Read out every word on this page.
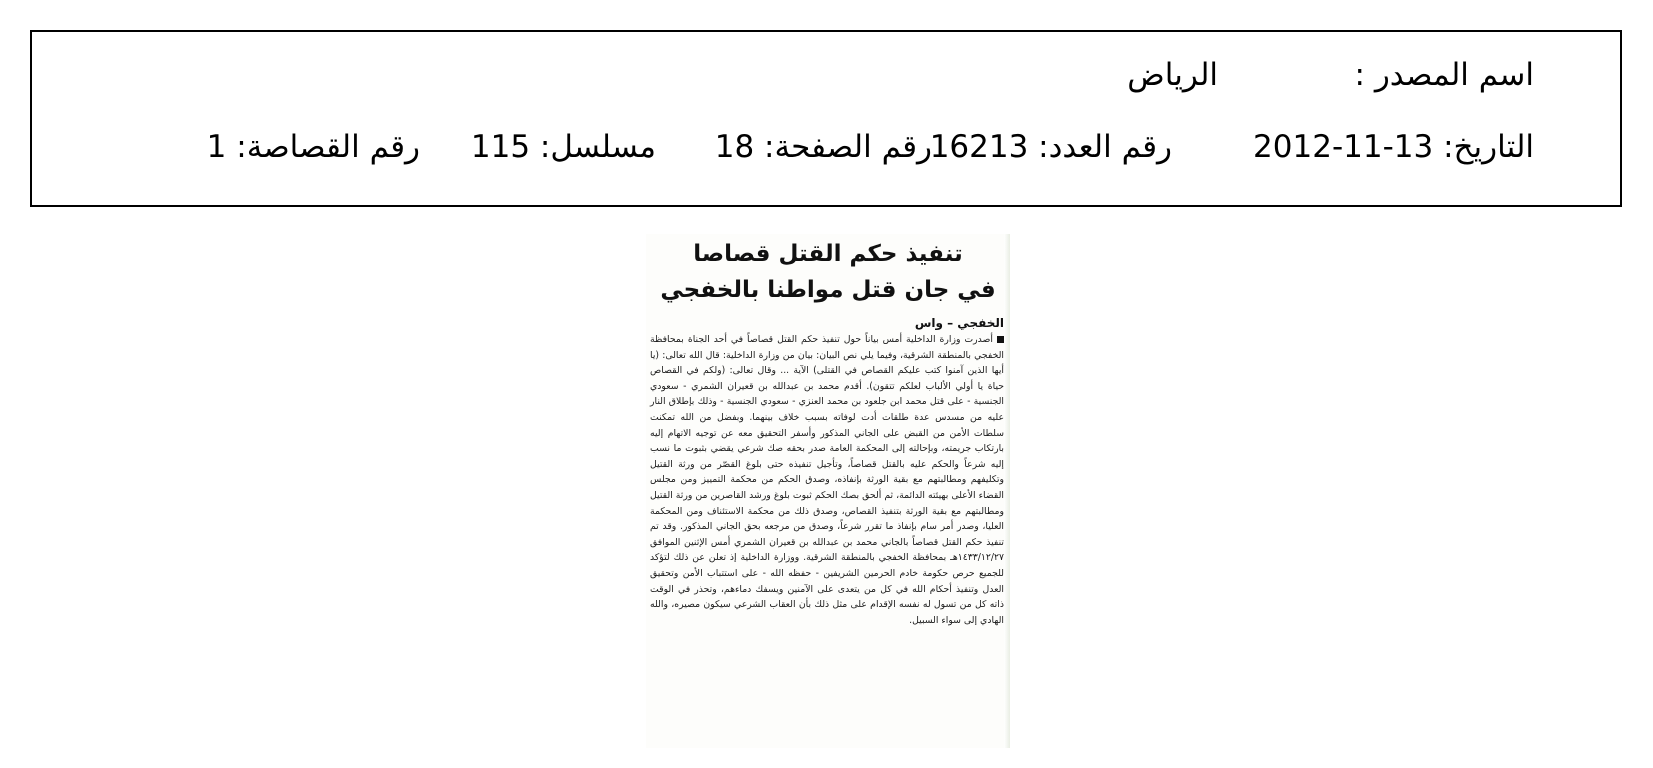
اسم المصدر :
الرياض
التاريخ: 13-11-2012
رقم العدد: 16213
رقم الصفحة: 18
مسلسل: 115
رقم القصاصة: 1
تنفيذ حكم القتل قصاصا
في جان قتل مواطنا بالخفجي
الخفجي – واس
أصدرت وزارة الداخلية أمس بياناً حول تنفيذ حكم القتل قصاصاً في أحد الجناة بمحافظة الخفجي بالمنطقة الشرقية، وفيما يلي نص البيان: بيان من وزارة الداخلية: قال الله تعالى: (يا أيها الذين آمنوا كتب عليكم القصاص في القتلى) الآية ... وقال تعالى: (ولكم في القصاص حياة يا أولي الألباب لعلكم تتقون). أقدم محمد بن عبدالله بن قعيران الشمري - سعودي الجنسية - على قتل محمد ابن جلعود بن محمد العنزي - سعودي الجنسية - وذلك بإطلاق النار عليه من مسدس عدة طلقات أدت لوفاته بسبب خلاف بينهما. وبفضل من الله تمكنت سلطات الأمن من القبض على الجاني المذكور وأسفر التحقيق معه عن توجيه الاتهام إليه بارتكاب جريمته، وبإحالته إلى المحكمة العامة صدر بحقه صك شرعي يقضي بثبوت ما نسب إليه شرعاً والحكم عليه بالقتل قصاصاً، وتأجيل تنفيذه حتى بلوغ القصّر من ورثة القتيل وتكليفهم ومطالبتهم مع بقية الورثة بإنفاذه، وصدق الحكم من محكمة التمييز ومن مجلس القضاء الأعلى بهيئته الدائمة، ثم ألحق بصك الحكم ثبوت بلوغ ورشد القاصرين من ورثة القتيل ومطالبتهم مع بقية الورثة بتنفيذ القصاص، وصدق ذلك من محكمة الاستئناف ومن المحكمة العليا، وصدر أمر سام بإنفاذ ما تقرر شرعاً، وصدق من مرجعه بحق الجاني المذكور. وقد تم تنفيذ حكم القتل قصاصاً بالجاني محمد بن عبدالله بن قعيران الشمري أمس الإثنين الموافق ١٤٣٣/١٢/٢٧هـ بمحافظة الخفجي بالمنطقة الشرقية. ووزارة الداخلية إذ تعلن عن ذلك لتؤكد للجميع حرص حكومة خادم الحرمين الشريفين - حفظه الله - على استتباب الأمن وتحقيق العدل وتنفيذ أحكام الله في كل من يتعدى على الآمنين ويسفك دماءهم، وتحذر في الوقت ذاته كل من تسول له نفسه الإقدام على مثل ذلك بأن العقاب الشرعي سيكون مصيره، والله الهادي إلى سواء السبيل.
